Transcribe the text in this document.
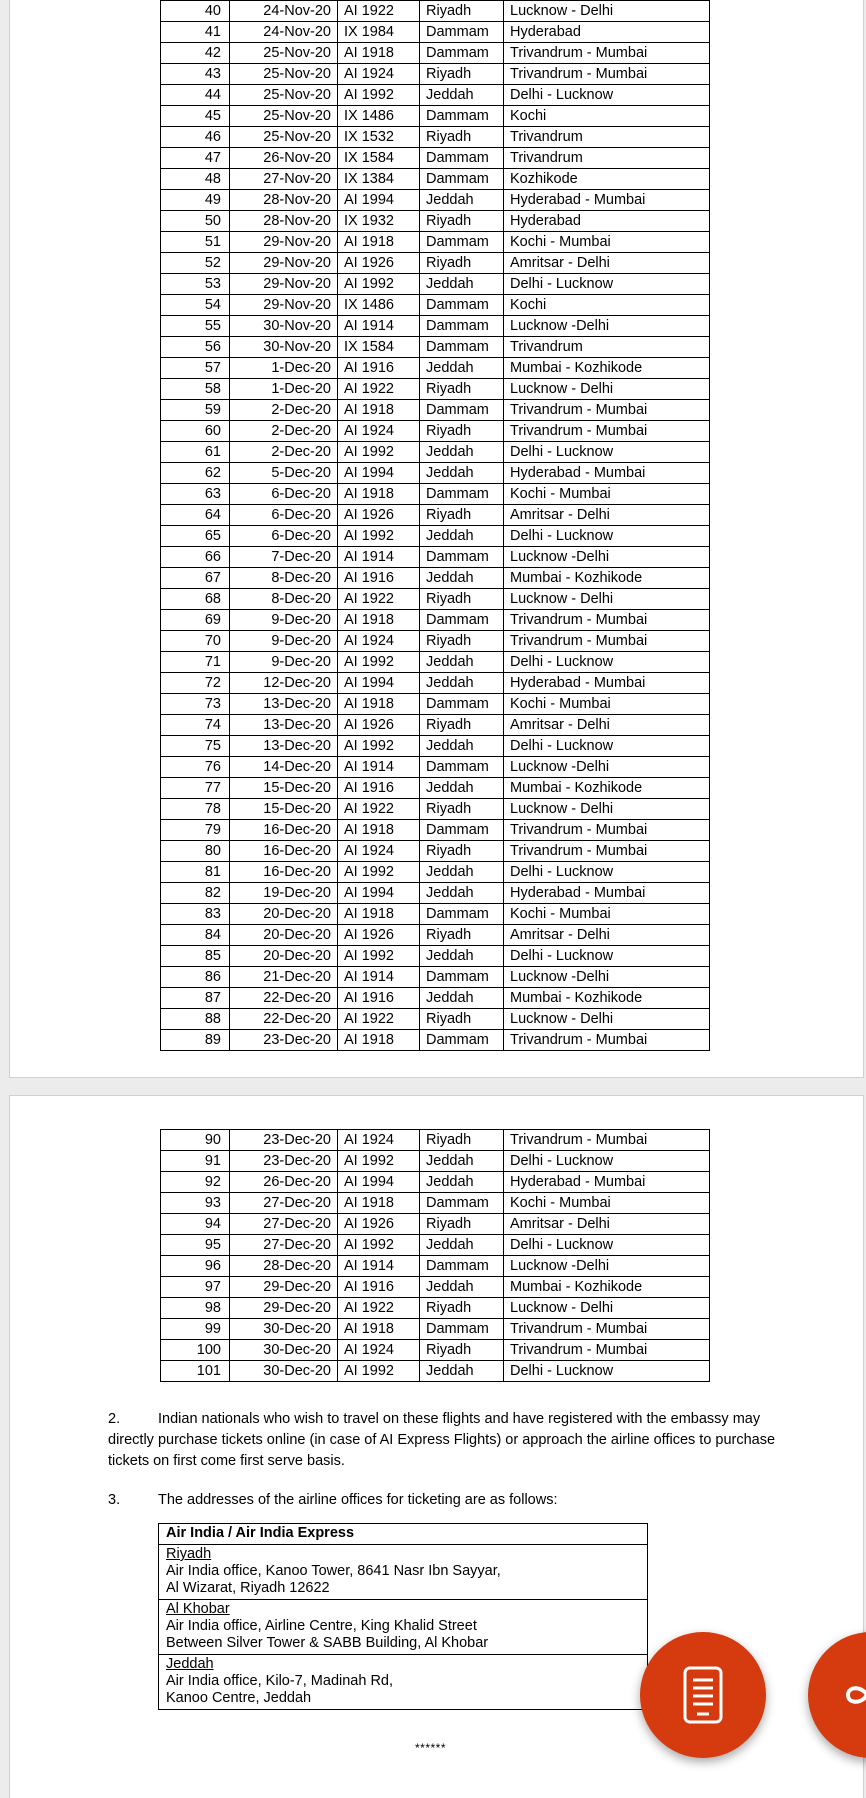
40	24-Nov-20	AI 1922	Riyadh	Lucknow - Delhi
41	24-Nov-20	IX 1984	Dammam	Hyderabad
42	25-Nov-20	AI 1918	Dammam	Trivandrum - Mumbai
43	25-Nov-20	AI 1924	Riyadh	Trivandrum - Mumbai
44	25-Nov-20	AI 1992	Jeddah	Delhi - Lucknow
45	25-Nov-20	IX 1486	Dammam	Kochi
46	25-Nov-20	IX 1532	Riyadh	Trivandrum
47	26-Nov-20	IX 1584	Dammam	Trivandrum
48	27-Nov-20	IX 1384	Dammam	Kozhikode
49	28-Nov-20	AI 1994	Jeddah	Hyderabad - Mumbai
50	28-Nov-20	IX 1932	Riyadh	Hyderabad
51	29-Nov-20	AI 1918	Dammam	Kochi - Mumbai
52	29-Nov-20	AI 1926	Riyadh	Amritsar - Delhi
53	29-Nov-20	AI 1992	Jeddah	Delhi - Lucknow
54	29-Nov-20	IX 1486	Dammam	Kochi
55	30-Nov-20	AI 1914	Dammam	Lucknow -Delhi
56	30-Nov-20	IX 1584	Dammam	Trivandrum
57	1-Dec-20	AI 1916	Jeddah	Mumbai - Kozhikode
58	1-Dec-20	AI 1922	Riyadh	Lucknow - Delhi
59	2-Dec-20	AI 1918	Dammam	Trivandrum - Mumbai
60	2-Dec-20	AI 1924	Riyadh	Trivandrum - Mumbai
61	2-Dec-20	AI 1992	Jeddah	Delhi - Lucknow
62	5-Dec-20	AI 1994	Jeddah	Hyderabad - Mumbai
63	6-Dec-20	AI 1918	Dammam	Kochi - Mumbai
64	6-Dec-20	AI 1926	Riyadh	Amritsar - Delhi
65	6-Dec-20	AI 1992	Jeddah	Delhi - Lucknow
66	7-Dec-20	AI 1914	Dammam	Lucknow -Delhi
67	8-Dec-20	AI 1916	Jeddah	Mumbai - Kozhikode
68	8-Dec-20	AI 1922	Riyadh	Lucknow - Delhi
69	9-Dec-20	AI 1918	Dammam	Trivandrum - Mumbai
70	9-Dec-20	AI 1924	Riyadh	Trivandrum - Mumbai
71	9-Dec-20	AI 1992	Jeddah	Delhi - Lucknow
72	12-Dec-20	AI 1994	Jeddah	Hyderabad - Mumbai
73	13-Dec-20	AI 1918	Dammam	Kochi - Mumbai
74	13-Dec-20	AI 1926	Riyadh	Amritsar - Delhi
75	13-Dec-20	AI 1992	Jeddah	Delhi - Lucknow
76	14-Dec-20	AI 1914	Dammam	Lucknow -Delhi
77	15-Dec-20	AI 1916	Jeddah	Mumbai - Kozhikode
78	15-Dec-20	AI 1922	Riyadh	Lucknow - Delhi
79	16-Dec-20	AI 1918	Dammam	Trivandrum - Mumbai
80	16-Dec-20	AI 1924	Riyadh	Trivandrum - Mumbai
81	16-Dec-20	AI 1992	Jeddah	Delhi - Lucknow
82	19-Dec-20	AI 1994	Jeddah	Hyderabad - Mumbai
83	20-Dec-20	AI 1918	Dammam	Kochi - Mumbai
84	20-Dec-20	AI 1926	Riyadh	Amritsar - Delhi
85	20-Dec-20	AI 1992	Jeddah	Delhi - Lucknow
86	21-Dec-20	AI 1914	Dammam	Lucknow -Delhi
87	22-Dec-20	AI 1916	Jeddah	Mumbai - Kozhikode
88	22-Dec-20	AI 1922	Riyadh	Lucknow - Delhi
89	23-Dec-20	AI 1918	Dammam	Trivandrum - Mumbai
90	23-Dec-20	AI 1924	Riyadh	Trivandrum - Mumbai
91	23-Dec-20	AI 1992	Jeddah	Delhi - Lucknow
92	26-Dec-20	AI 1994	Jeddah	Hyderabad - Mumbai
93	27-Dec-20	AI 1918	Dammam	Kochi - Mumbai
94	27-Dec-20	AI 1926	Riyadh	Amritsar - Delhi
95	27-Dec-20	AI 1992	Jeddah	Delhi - Lucknow
96	28-Dec-20	AI 1914	Dammam	Lucknow -Delhi
97	29-Dec-20	AI 1916	Jeddah	Mumbai - Kozhikode
98	29-Dec-20	AI 1922	Riyadh	Lucknow - Delhi
99	30-Dec-20	AI 1918	Dammam	Trivandrum - Mumbai
100	30-Dec-20	AI 1924	Riyadh	Trivandrum - Mumbai
101	30-Dec-20	AI 1992	Jeddah	Delhi - Lucknow
2.	Indian nationals who wish to travel on these flights and have registered with the embassy may directly purchase tickets online (in case of AI Express Flights) or approach the airline offices to purchase tickets on first come first serve basis.
3.	The addresses of the airline offices for ticketing are as follows:
Air India / Air India Express

Riyadh
Air India office, Kanoo Tower, 8641 Nasr Ibn Sayyar,
Al Wizarat, Riyadh 12622

Al Khobar
Air India office, Airline Centre, King Khalid Street
Between Silver Tower & SABB Building, Al Khobar

Jeddah
Air India office, Kilo-7, Madinah Rd,
Kanoo Centre, Jeddah
******
